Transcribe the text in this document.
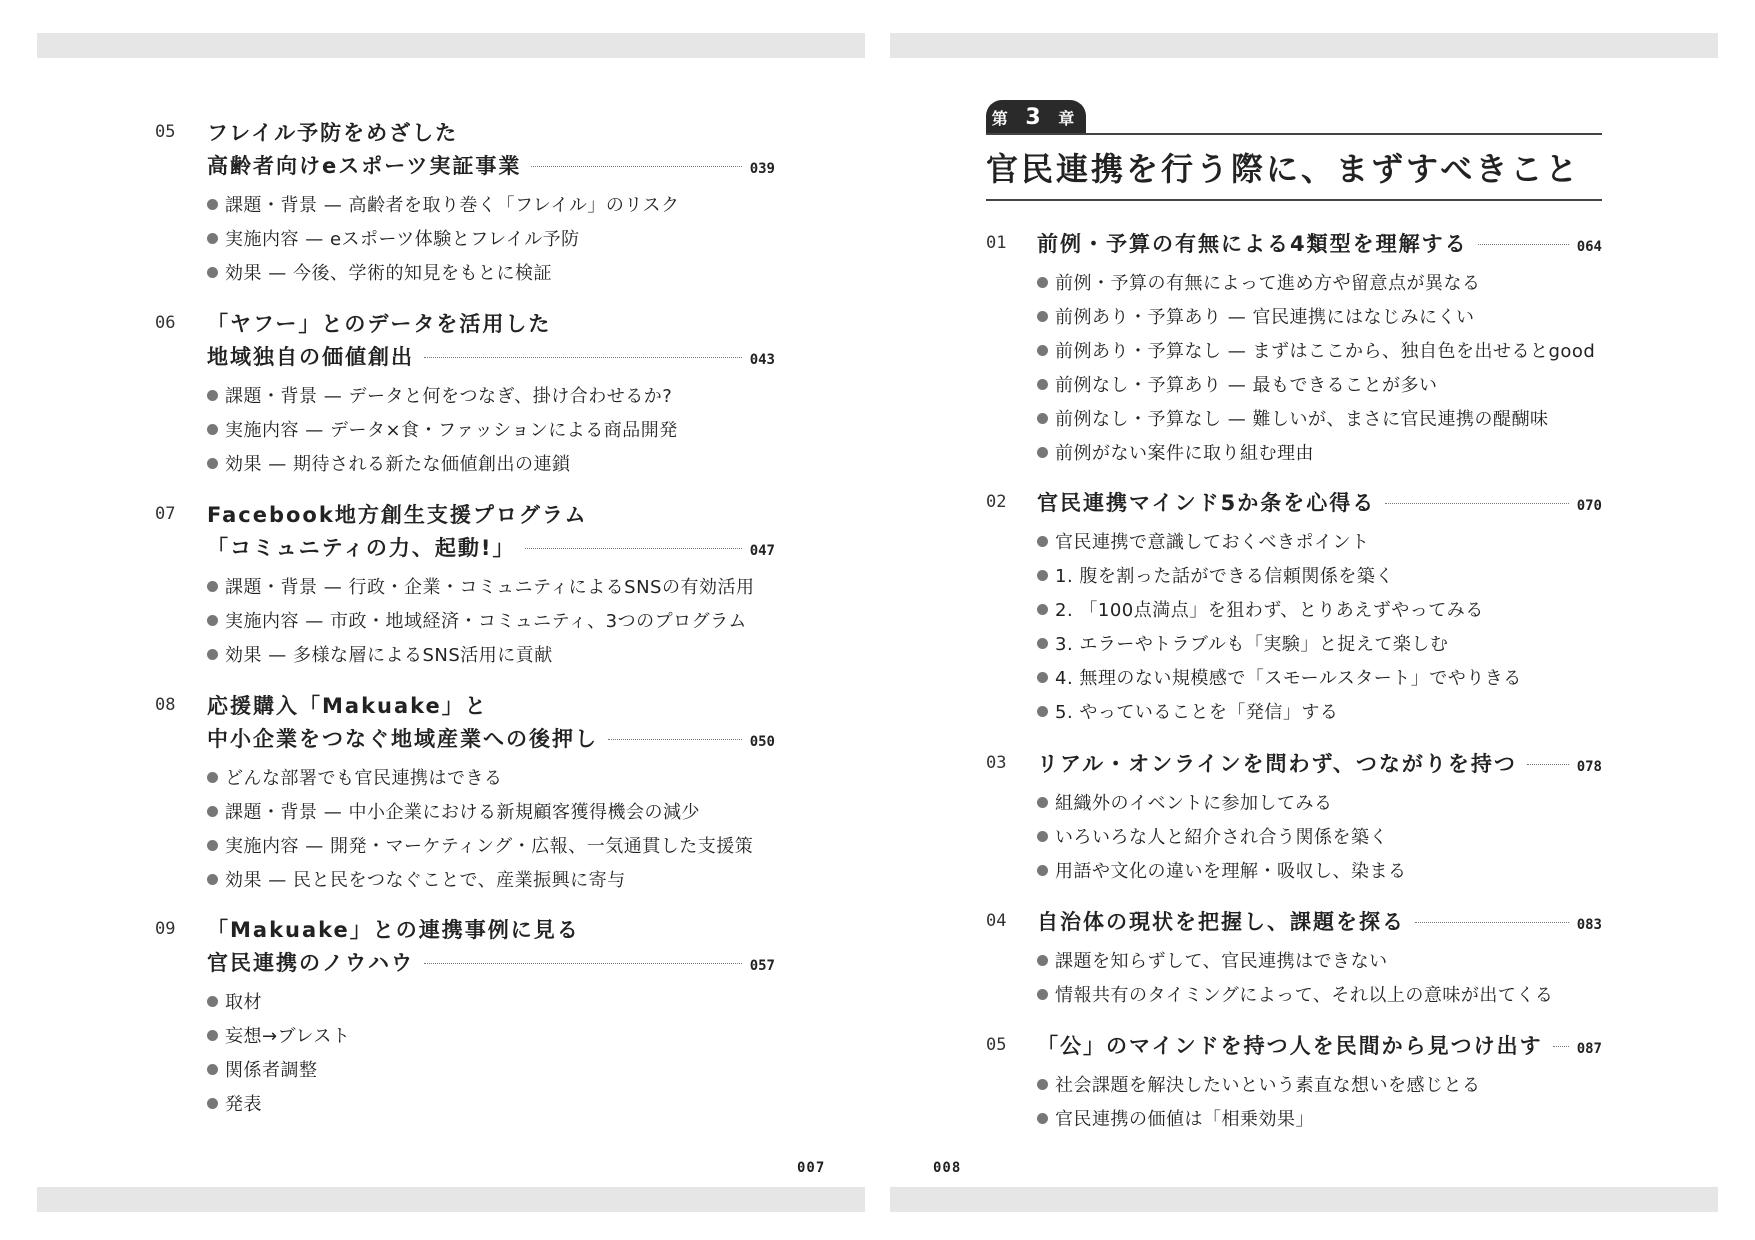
05 フレイル予防をめざした
高齢者向けeスポーツ実証事業	039
課題・背景 — 高齢者を取り巻く「フレイル」のリスク
実施内容 — eスポーツ体験とフレイル予防
効果 — 今後、学術的知見をもとに検証
06 「ヤフー」とのデータを活用した
地域独自の価値創出	043
課題・背景 — データと何をつなぎ、掛け合わせるか?
実施内容 — データ×食・ファッションによる商品開発
効果 — 期待される新たな価値創出の連鎖
07 Facebook地方創生支援プログラム
「コミュニティの力、起動!」	047
課題・背景 — 行政・企業・コミュニティによるSNSの有効活用
実施内容 — 市政・地域経済・コミュニティ、3つのプログラム
効果 — 多様な層によるSNS活用に貢献
08 応援購入「Makuake」と
中小企業をつなぐ地域産業への後押し	050
どんな部署でも官民連携はできる
課題・背景 — 中小企業における新規顧客獲得機会の減少
実施内容 — 開発・マーケティング・広報、一気通貫した支援策
効果 — 民と民をつなぐことで、産業振興に寄与
09 「Makuake」との連携事例に見る
官民連携のノウハウ	057
取材
妄想→ブレスト
関係者調整
発表
007
第 3 章
官民連携を行う際に、まずすべきこと
01 前例・予算の有無による4類型を理解する	064
前例・予算の有無によって進め方や留意点が異なる
前例あり・予算あり — 官民連携にはなじみにくい
前例あり・予算なし — まずはここから、独自色を出せるとgood
前例なし・予算あり — 最もできることが多い
前例なし・予算なし — 難しいが、まさに官民連携の醍醐味
前例がない案件に取り組む理由
02 官民連携マインド5か条を心得る	070
官民連携で意識しておくべきポイント
1. 腹を割った話ができる信頼関係を築く
2. 「100点満点」を狙わず、とりあえずやってみる
3. エラーやトラブルも「実験」と捉えて楽しむ
4. 無理のない規模感で「スモールスタート」でやりきる
5. やっていることを「発信」する
03 リアル・オンラインを問わず、つながりを持つ	078
組織外のイベントに参加してみる
いろいろな人と紹介され合う関係を築く
用語や文化の違いを理解・吸収し、染まる
04 自治体の現状を把握し、課題を探る	083
課題を知らずして、官民連携はできない
情報共有のタイミングによって、それ以上の意味が出てくる
05 「公」のマインドを持つ人を民間から見つけ出す 087
社会課題を解決したいという素直な想いを感じとる
官民連携の価値は「相乗効果」
008
